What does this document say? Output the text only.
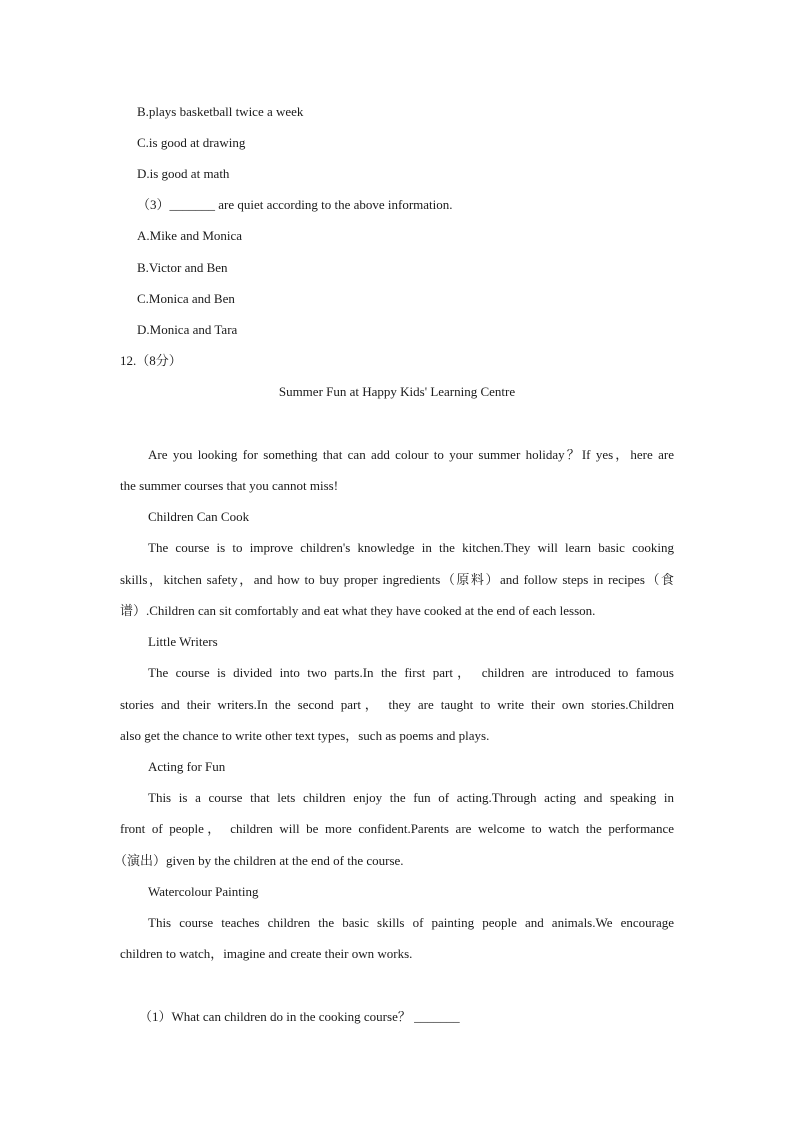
B.plays basketball twice a week
C.is good at drawing
D.is good at math
（3）_______ are quiet according to the above information.
A.Mike and Monica
B.Victor and Ben
C.Monica and Ben
D.Monica and Tara
12.（8分）
Summer Fun at Happy Kids' Learning Centre
Are you looking for something that can add colour to your summer holiday？If yes，here are
the summer courses that you cannot miss!
Children Can Cook
The course is to improve children's knowledge in the kitchen.They will learn basic cooking
skills，kitchen safety，and how to buy proper ingredients（原料）and follow steps in recipes（食
谱）.Children can sit comfortably and eat what they have cooked at the end of each lesson.
Little Writers
The course is divided into two parts.In the first part， children are introduced to famous
stories and their writers.In the second part， they are taught to write their own stories.Children
also get the chance to write other text types，such as poems and plays.
Acting for Fun
This is a course that lets children enjoy the fun of acting.Through acting and speaking in
front of people， children will be more confident.Parents are welcome to watch the performance
（演出）given by the children at the end of the course.
Watercolour Painting
This course teaches children the basic skills of painting people and animals.We encourage
children to watch，imagine and create their own works.
（1）What can children do in the cooking course？ _______
